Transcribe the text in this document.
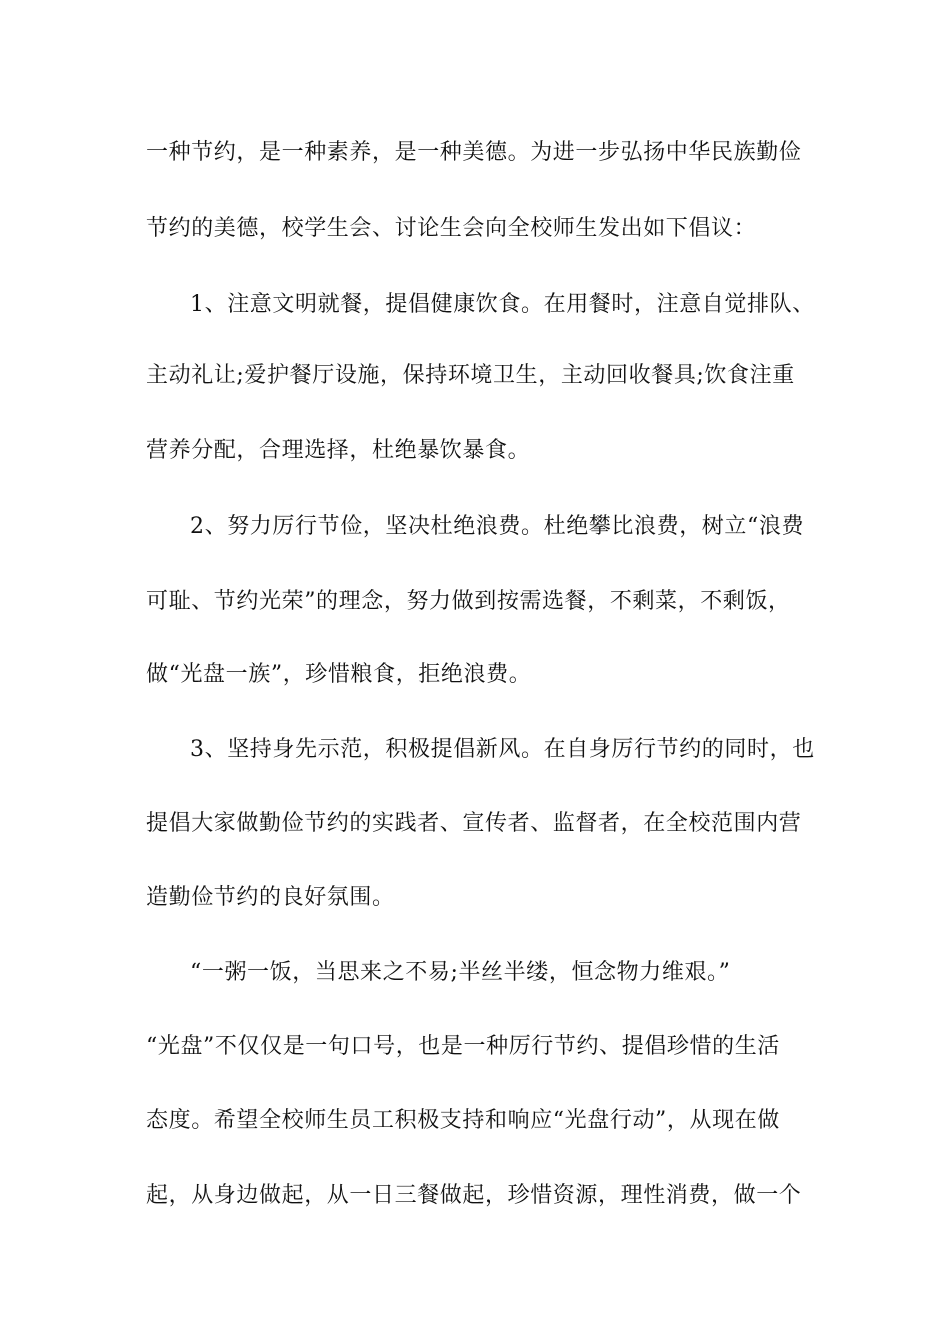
一种节约，是一种素养，是一种美德。为进一步弘扬中华民族勤俭
节约的美德，校学生会、讨论生会向全校师生发出如下倡议：
1、注意文明就餐，提倡健康饮食。在用餐时，注意自觉排队、
主动礼让;爱护餐厅设施，保持环境卫生，主动回收餐具;饮食注重
营养分配，合理选择，杜绝暴饮暴食。
2、努力厉行节俭，坚决杜绝浪费。杜绝攀比浪费，树立“浪费
可耻、节约光荣”的理念，努力做到按需选餐，不剩菜，不剩饭，
做“光盘一族”，珍惜粮食，拒绝浪费。
3、坚持身先示范，积极提倡新风。在自身厉行节约的同时，也
提倡大家做勤俭节约的实践者、宣传者、监督者，在全校范围内营
造勤俭节约的良好氛围。
“一粥一饭，当思来之不易;半丝半缕，恒念物力维艰。”
“光盘”不仅仅是一句口号，也是一种厉行节约、提倡珍惜的生活
态度。希望全校师生员工积极支持和响应“光盘行动”，从现在做
起，从身边做起，从一日三餐做起，珍惜资源，理性消费，做一个
